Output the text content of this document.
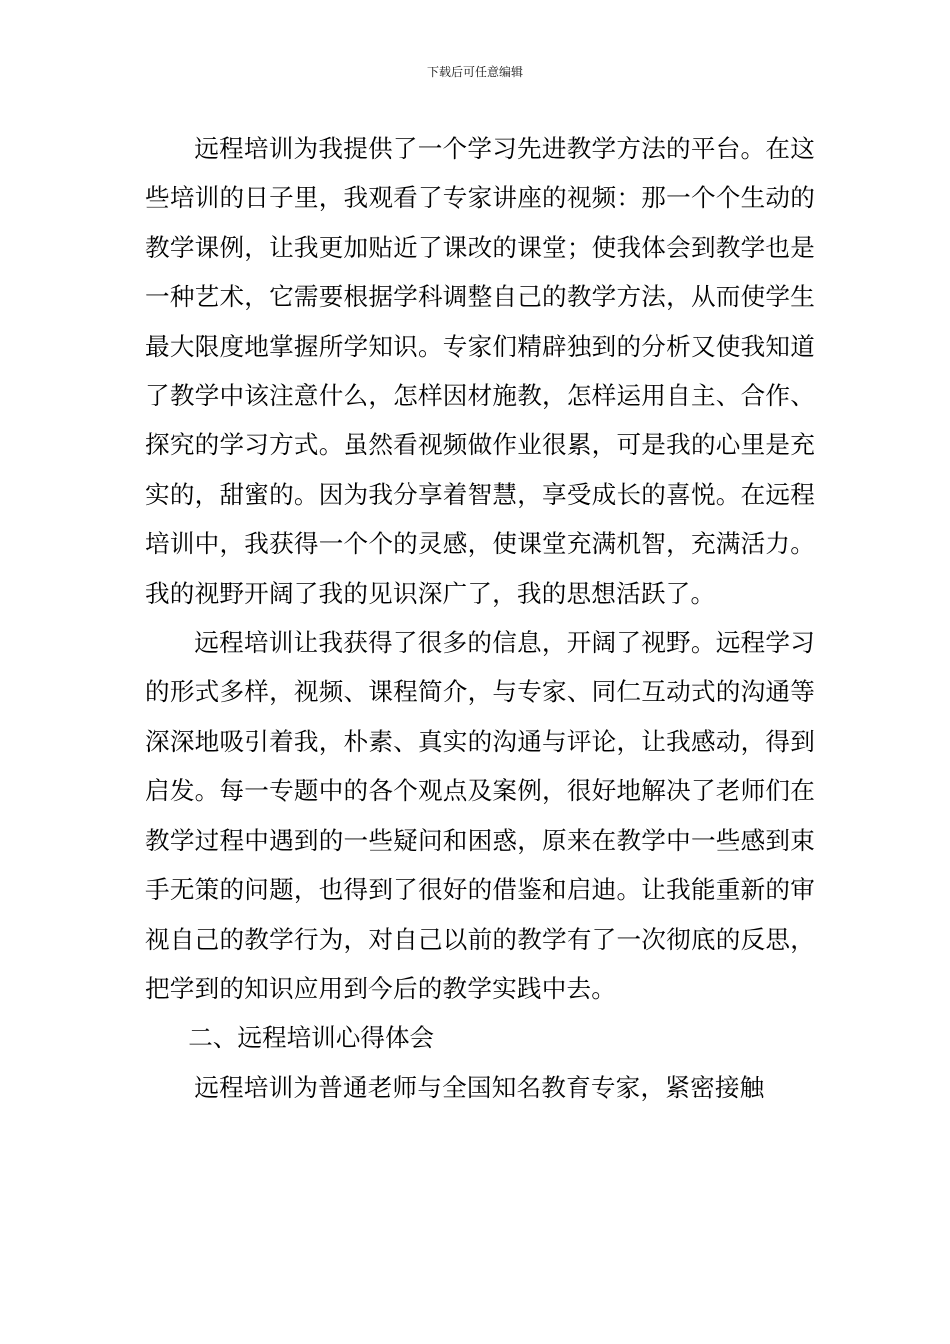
下载后可任意编辑

远程培训为我提供了一个学习先进教学方法的平台。在这些培训的日子里，我观看了专家讲座的视频：那一个个生动的教学课例，让我更加贴近了课改的课堂；使我体会到教学也是一种艺术，它需要根据学科调整自己的教学方法，从而使学生最大限度地掌握所学知识。专家们精辟独到的分析又使我知道了教学中该注意什么，怎样因材施教，怎样运用自主、合作、探究的学习方式。虽然看视频做作业很累，可是我的心里是充实的，甜蜜的。因为我分享着智慧，享受成长的喜悦。在远程培训中，我获得一个个的灵感，使课堂充满机智，充满活力。我的视野开阔了我的见识深广了，我的思想活跃了。

远程培训让我获得了很多的信息，开阔了视野。远程学习的形式多样，视频、课程简介，与专家、同仁互动式的沟通等深深地吸引着我，朴素、真实的沟通与评论，让我感动，得到启发。每一专题中的各个观点及案例，很好地解决了老师们在教学过程中遇到的一些疑问和困惑，原来在教学中一些感到束手无策的问题，也得到了很好的借鉴和启迪。让我能重新的审视自己的教学行为，对自己以前的教学有了一次彻底的反思，把学到的知识应用到今后的教学实践中去。

二、远程培训心得体会

远程培训为普通老师与全国知名教育专家，紧密接触
